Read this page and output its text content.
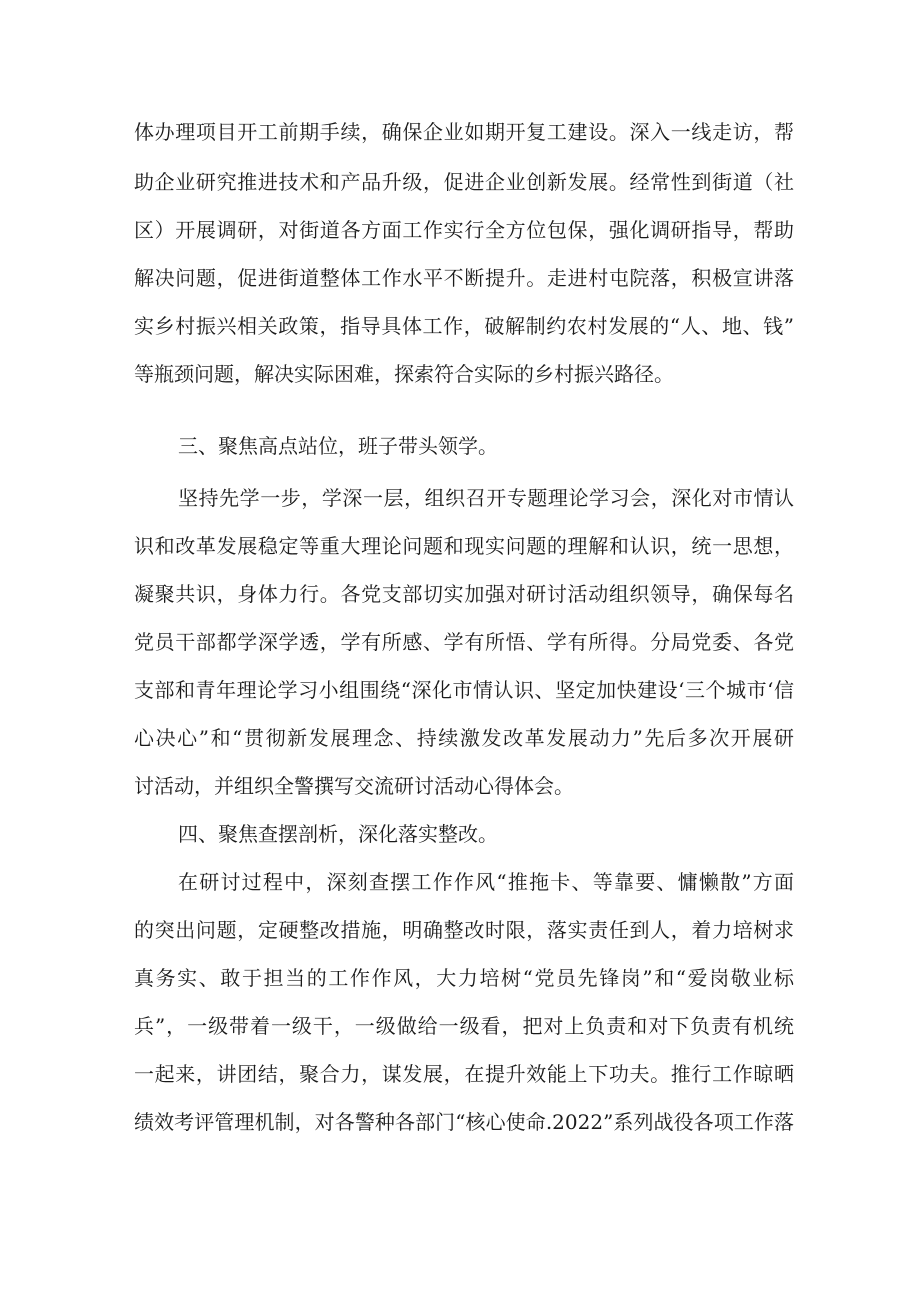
体办理项目开工前期手续，确保企业如期开复工建设。深入一线走访，帮
助企业研究推进技术和产品升级，促进企业创新发展。经常性到街道（社
区）开展调研，对街道各方面工作实行全方位包保，强化调研指导，帮助
解决问题，促进街道整体工作水平不断提升。走进村屯院落，积极宣讲落
实乡村振兴相关政策，指导具体工作，破解制约农村发展的“人、地、钱”
等瓶颈问题，解决实际困难，探索符合实际的乡村振兴路径。
三、聚焦高点站位，班子带头领学。
坚持先学一步，学深一层，组织召开专题理论学习会，深化对市情认
识和改革发展稳定等重大理论问题和现实问题的理解和认识，统一思想，
凝聚共识，身体力行。各党支部切实加强对研讨活动组织领导，确保每名
党员干部都学深学透，学有所感、学有所悟、学有所得。分局党委、各党
支部和青年理论学习小组围绕“深化市情认识、坚定加快建设‘三个城市‘信
心决心”和“贯彻新发展理念、持续激发改革发展动力”先后多次开展研
讨活动，并组织全警撰写交流研讨活动心得体会。
四、聚焦查摆剖析，深化落实整改。
在研讨过程中，深刻查摆工作作风“推拖卡、等靠要、慵懒散”方面
的突出问题，定硬整改措施，明确整改时限，落实责任到人，着力培树求
真务实、敢于担当的工作作风，大力培树“党员先锋岗”和“爱岗敬业标
兵”，一级带着一级干，一级做给一级看，把对上负责和对下负责有机统
一起来，讲团结，聚合力，谋发展，在提升效能上下功夫。推行工作晾晒
绩效考评管理机制，对各警种各部门“核心使命.2022”系列战役各项工作落
